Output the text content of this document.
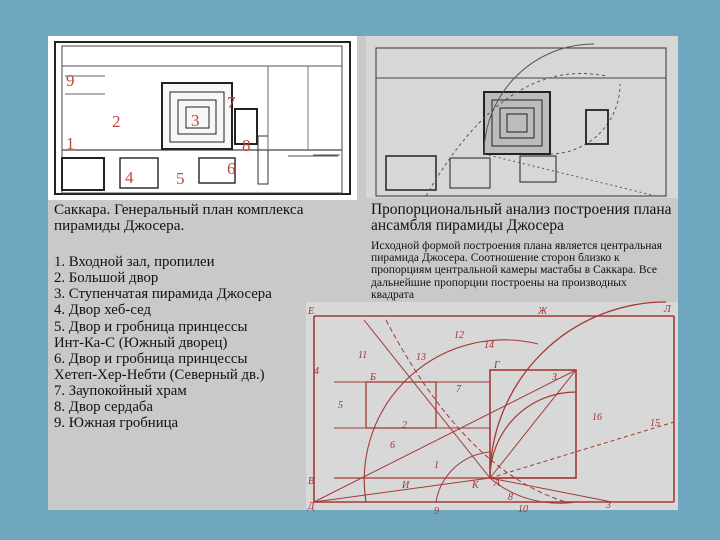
9
2	3
7
1	8
4	5
6
Саккара. Генеральный план комплекса пирамиды Джосера.
1. Входной зал, пропилеи
2. Большой двор
3. Ступенчатая пирамида Джосера
4. Двор хеб-сед
5. Двор и гробница принцессы
Инт-Ка-С (Южный дворец)
6. Двор и гробница принцессы
Хетеп-Хер-Небти (Северный дв.)
7. Заупокойный храм
8. Двор сердаба
9. Южная гробница
Пропорциональный анализ построения плана ансамбля пирамиды Джосера
Исходной формой построения плана является центральная пирамида Джосера. Соотношение сторон близко к пропорциям центральной камеры мастабы в Саккара. Все дальнейшие пропорции построены на производных квадрата
Е	Ж	Л
Б
Г
В	А
Д
И	К
З
11
12
14
13
15
16
4
5
6
7
8
9	10
1
2
3
